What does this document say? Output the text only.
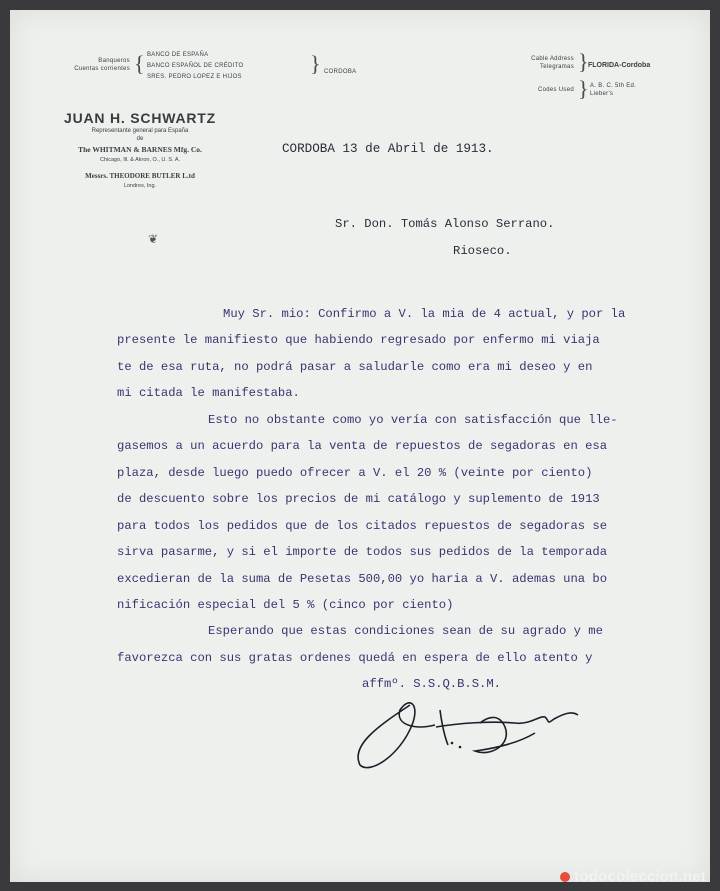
Banqueros
Cuentas corrientes { BANCO DE ESPAÑA
BANCO ESPAÑOL DE CRÉDITO
SRES. PEDRO LOPEZ E HIJOS
} CORDOBA
Cable Address
Telegramas } FLORIDA-Cordoba
Codes Used } A. B. C. 5th Ed.
Lieber's
JUAN H. SCHWARTZ
Representante general para España
de
The WHITMAN & BARNES Mfg. Co.
Chicago, Ill. & Akron, O., U. S. A.
Messrs. THEODORE BUTLER L.td
Londres, Ing.
❦
CORDOBA 13 de Abril de 1913.
Sr. Don. Tomás Alonso Serrano.
Rioseco.
Muy Sr. mio: Confirmo a V. la mia de 4 actual, y por la
presente le manifiesto que habiendo regresado por enfermo mi viaja
te de esa ruta, no podrá pasar a saludarle como era mi deseo y en
mi citada le manifestaba.
Esto no obstante como yo vería con satisfacción que lle-
gasemos a un acuerdo para la venta de repuestos de segadoras en esa
plaza, desde luego puedo ofrecer a V. el 20 % (veinte por ciento)
de descuento sobre los precios de mi catálogo y suplemento de 1913
para todos los pedidos que de los citados repuestos de segadoras se
sirva pasarme, y si el importe de todos sus pedidos de la temporada
excedieran de la suma de Pesetas 500,00 yo haria a V. ademas una bo
nificación especial del 5 % (cinco por ciento)
Esperando que estas condiciones sean de su agrado y me
favorezca con sus gratas ordenes quedá en espera de ello atento y
affmº. S.S.Q.B.S.M.
todocoleccion.net
